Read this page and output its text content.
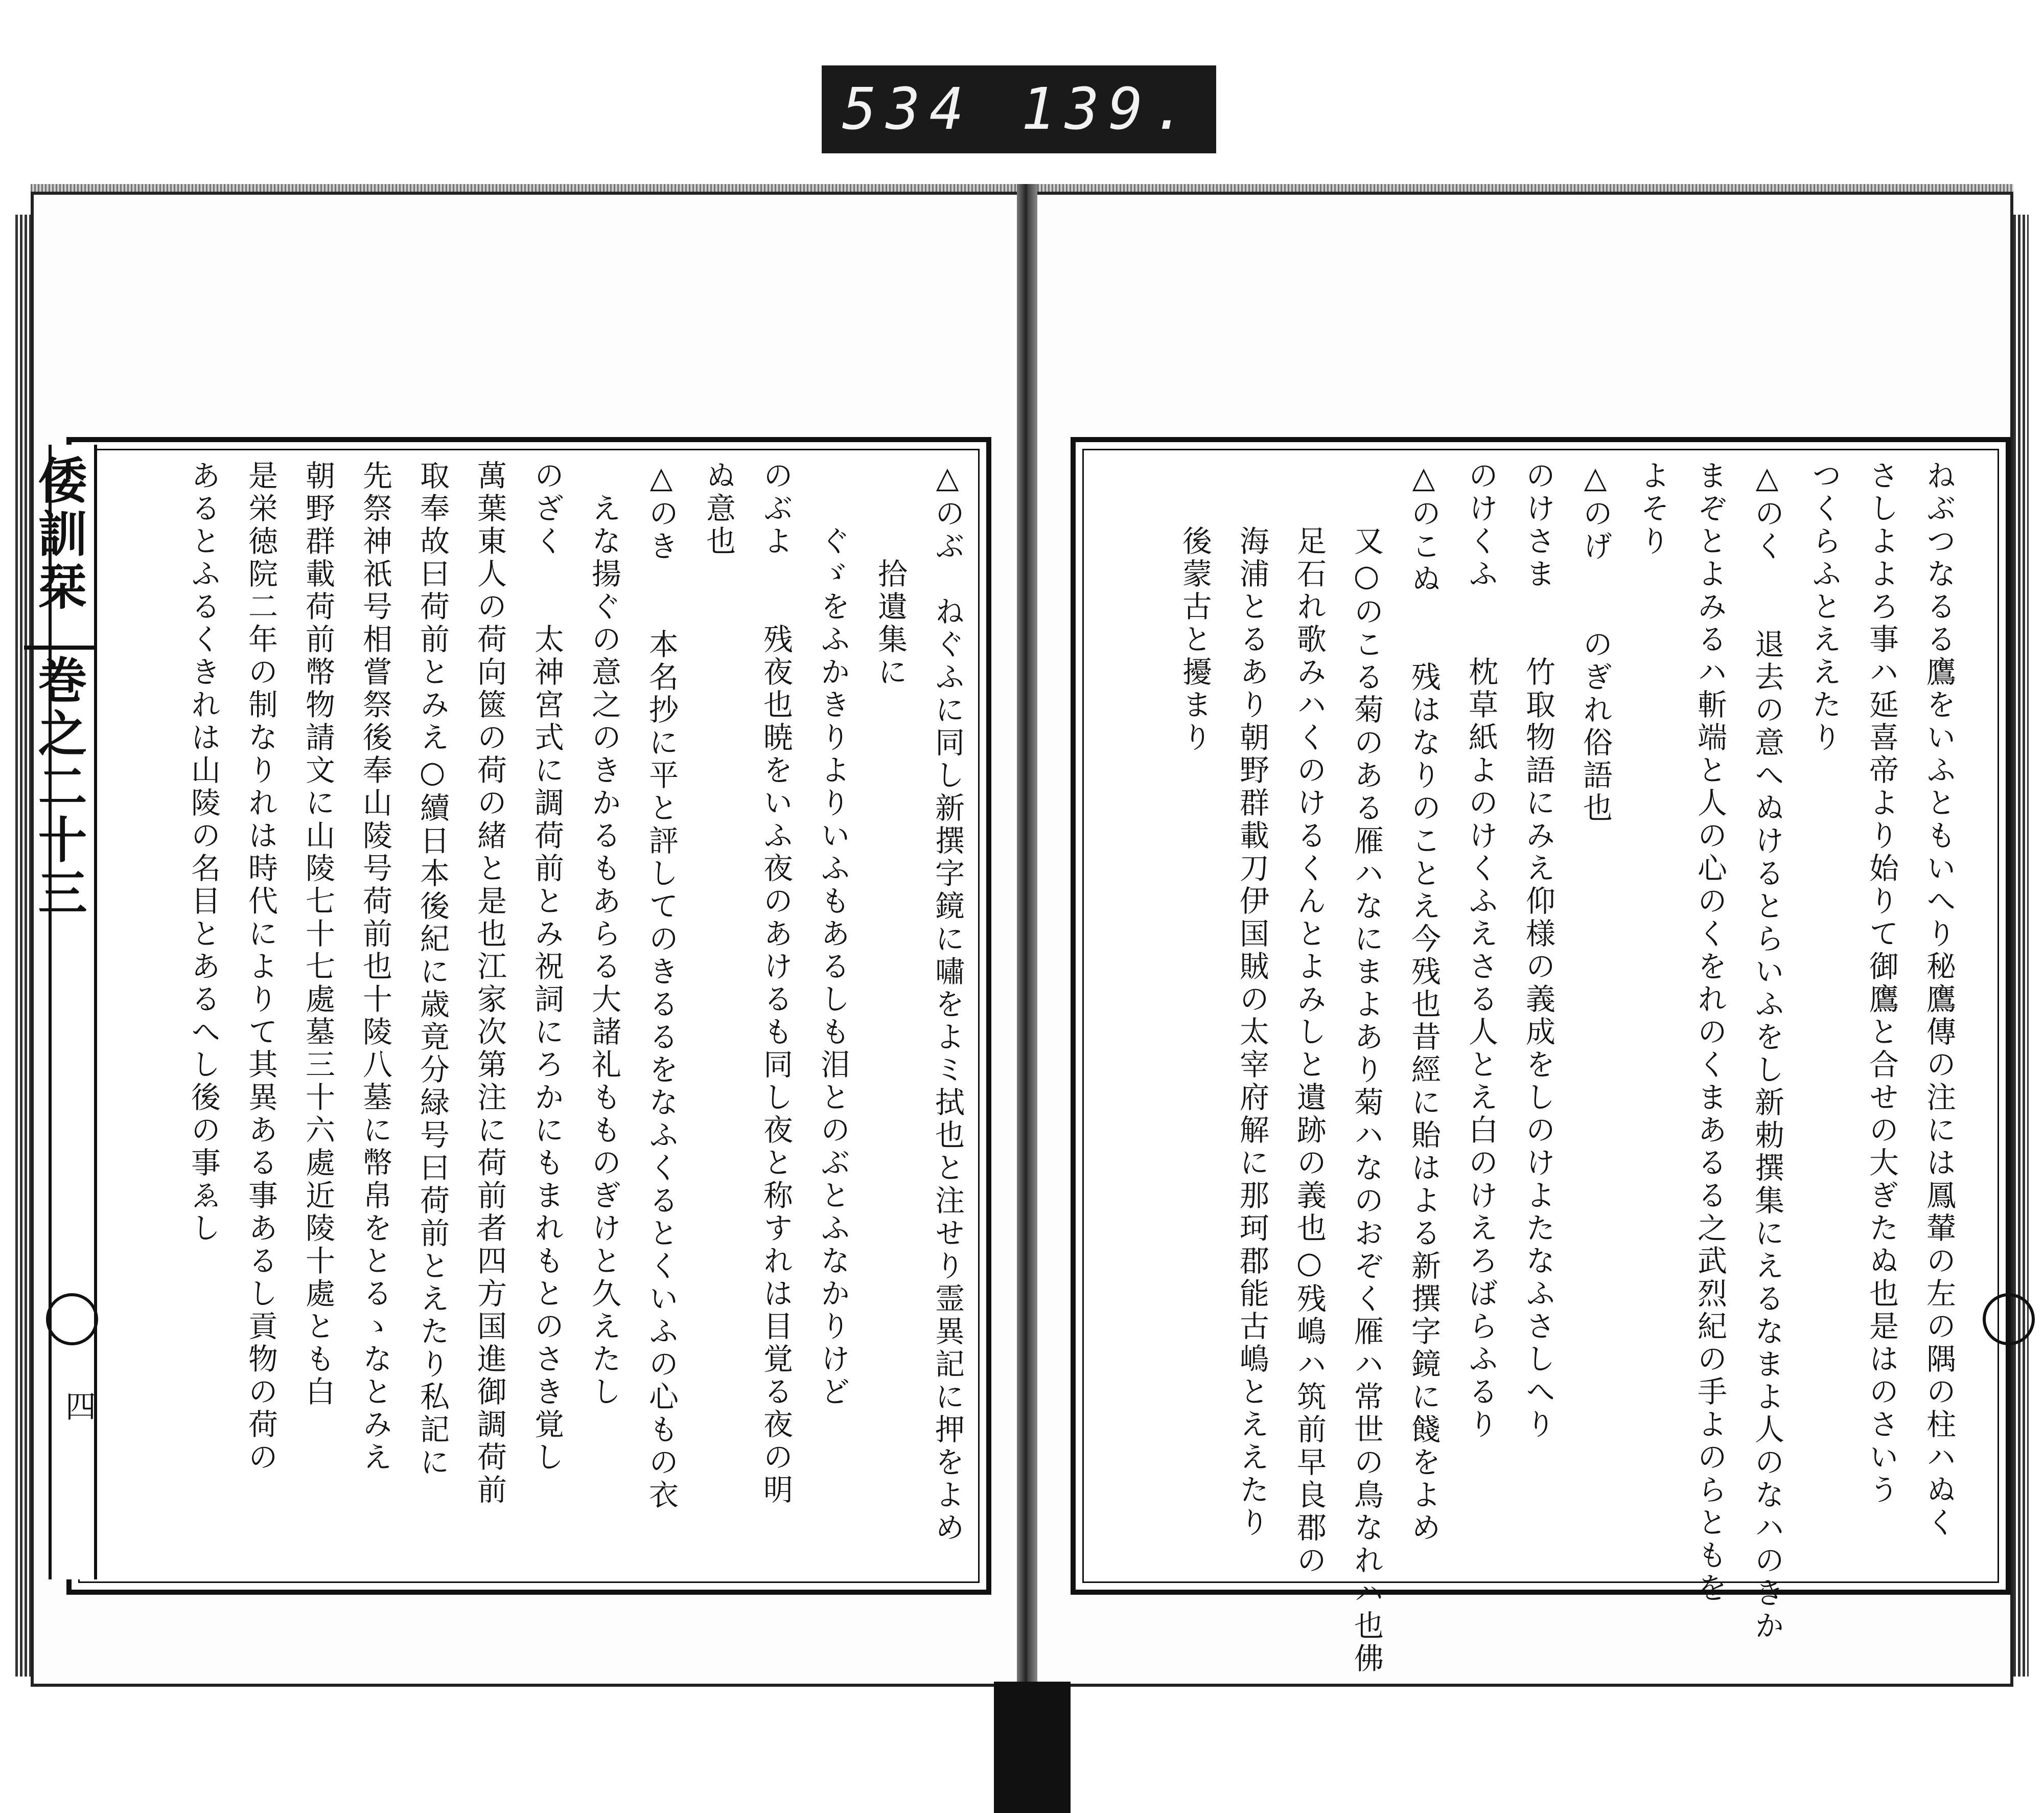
534 139.
倭訓栞 巻之二十三
四	△のぶ　ねぐふに同し新撰字鏡に嘯をよミ拭也と注せり霊異記に押をよめ
　　　拾遺集に
　　ぐゞをふかきりよりいふもあるしも泪とのぶとふなかりけど
のぶよ　　残夜也暁をいふ夜のあけるも同し夜と称すれは目覚る夜の明
ぬ意也
△のき　　本名抄に平と評してのきるるをなふくるとくいふの心もの衣
　えな揚ぐの意之のきかるもあらる大諸礼もものぎけと久えたし
のざく　　太神宮式に調荷前とみ祝詞にろかにもまれもとのさき覚し
萬葉東人の荷向篋の荷の緒と是也江家次第注に荷前者四方国進御調荷前
取奉故曰荷前とみえ○續日本後紀に歳竟分緑号曰荷前とえたり私記に
先祭神祇号相嘗祭後奉山陵号荷前也十陵八墓に幣帛をとるゝなとみえ
朝野群載荷前幣物請文に山陵七十七處墓三十六處近陵十處とも白
是栄徳院二年の制なりれは時代によりて其異ある事あるし貢物の荷の
あるとふるくきれは山陵の名目とあるへし後の事ゑし	ねぶつなるる鷹をいふともいへり秘鷹傳の注には鳳輦の左の隅の柱ハぬく
さしよよろ事ハ延喜帝より始りて御鷹と合せの大ぎたぬ也是はのさいう
つくらふとええたり
△のく　　退去の意へぬけるとらいふをし新勅撰集にえるなまよ人のなハのきか
まぞとよみるハ斬端と人の心のくをれのくまあるる之武烈紀の手よのらともを
よそり
△のげ　　のぎれ俗語也
のけさま　　竹取物語にみえ仰様の義成をしのけよたなふさしへり
のけくふ　　枕草紙よのけくふえさる人とえ白のけえろばらふるり
△のこぬ　　残はなりのことえ今残也昔經に貽はよる新撰字鏡に餞をよめ
　　又○のこる菊のある雁ハなにまよあり菊ハなのおぞく雁ハ常世の鳥なれハ也佛
　　足石れ歌みハくのけるくんとよみしと遺跡の義也○残嶋ハ筑前早良郡の
　　海浦とるあり朝野群載刀伊国賊の太宰府解に那珂郡能古嶋とええたり
　　後蒙古と擾まり
